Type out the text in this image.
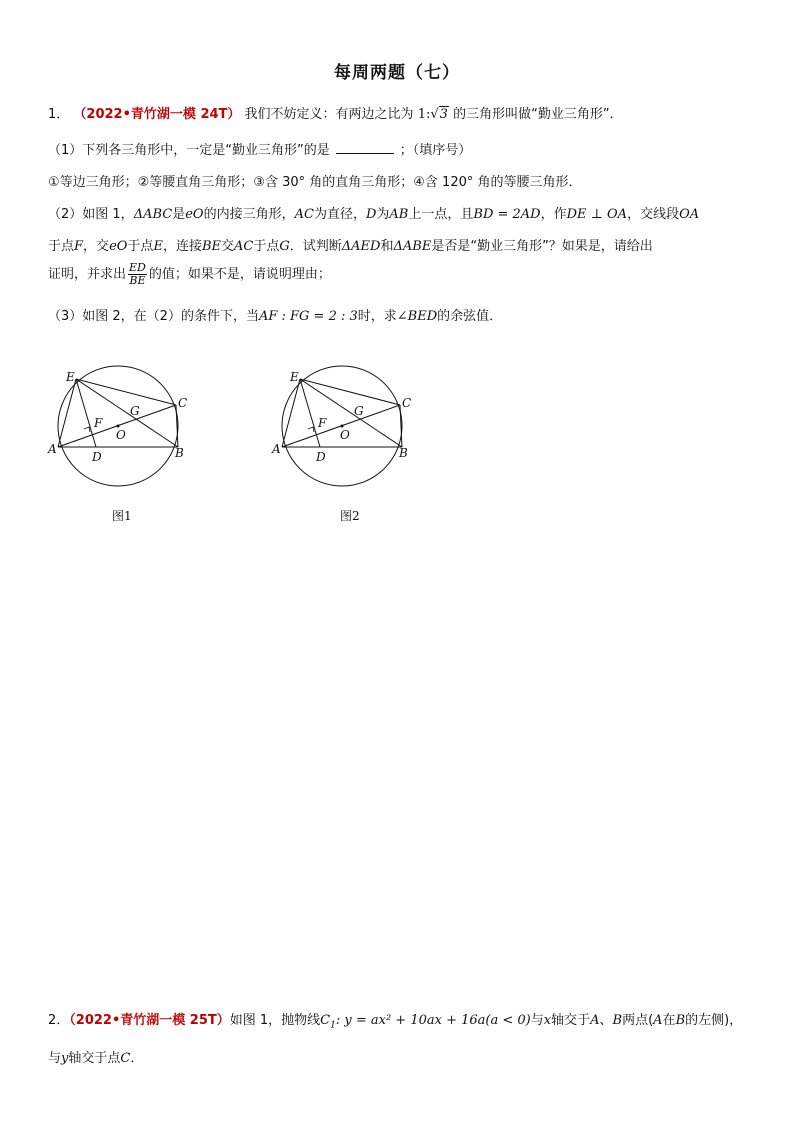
每周两题（七）
1． （2022•青竹湖一模 24T） 我们不妨定义：有两边之比为 1:√3 的三角形叫做“勤业三角形”．
（1）下列各三角形中，一定是“勤业三角形”的是	；（填序号）
①等边三角形；②等腰直角三角形；③含 30° 角的直角三角形；④含 120° 角的等腰三角形．
（2）如图 1，ΔABC是eO的内接三角形，AC为直径，D为AB上一点，且BD = 2AD，作DE ⊥ OA，交线段OA
于点F，交eO于点E，连接BE交AC于点G．试判断ΔAED和ΔABE是否是“勤业三角形”？如果是，请给出
证明，并求出 $\frac{ED}{BE}$ 的值；如果不是，请说明理由；
（3）如图 2，在（2）的条件下，当AF : FG = 2 : 3时，求∠BED的余弦值．
E
C
G
F
O
A
D	B
图1
E
C
G
F
O
A
D	B
图2
2．（2022•青竹湖一模 25T）如图 1，抛物线$C_1$: y = ax² + 10ax + 16a(a < 0)与x轴交于A、B两点(A在B的左侧)，
与y轴交于点C．
